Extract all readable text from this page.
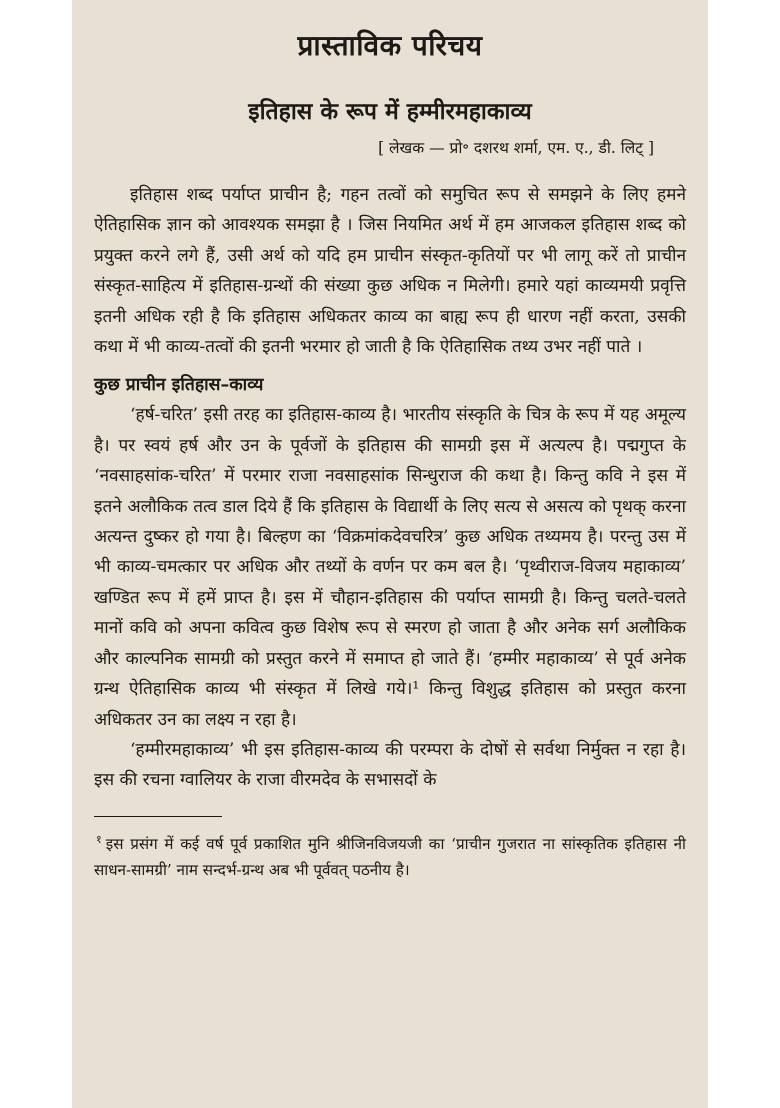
प्रास्ताविक परिचय
इतिहास के रूप में हम्मीरमहाकाव्य
[ लेखक — प्रो॰ दशरथ शर्मा, एम. ए., डी. लिट् ]

इतिहास शब्द पर्याप्त प्राचीन है; गहन तत्वों को समुचित रूप से समझने के लिए हमने ऐतिहासिक ज्ञान को आवश्यक समझा है । जिस नियमित अर्थ में हम आजकल इतिहास शब्द को प्रयुक्त करने लगे हैं, उसी अर्थ को यदि हम प्राचीन संस्कृत-कृतियों पर भी लागू करें तो प्राचीन संस्कृत-साहित्य में इतिहास-ग्रन्थों की संख्या कुछ अधिक न मिलेगी। हमारे यहां काव्यमयी प्रवृत्ति इतनी अधिक रही है कि इतिहास अधिकतर काव्य का बाह्य रूप ही धारण नहीं करता, उसकी कथा में भी काव्य-तत्वों की इतनी भरमार हो जाती है कि ऐतिहासिक तथ्य उभर नहीं पाते ।

कुछ प्राचीन इतिहास–काव्य

‘हर्ष-चरित’ इसी तरह का इतिहास-काव्य है। भारतीय संस्कृति के चित्र के रूप में यह अमूल्य है। पर स्वयं हर्ष और उन के पूर्वजों के इतिहास की सामग्री इस में अत्यल्प है। पद्मगुप्त के ‘नवसाहसांक-चरित’ में परमार राजा नवसाहसांक सिन्धुराज की कथा है। किन्तु कवि ने इस में इतने अलौकिक तत्व डाल दिये हैं कि इतिहास के विद्यार्थी के लिए सत्य से असत्य को पृथक् करना अत्यन्त दुष्कर हो गया है। बिल्हण का ‘विक्रमांकदेवचरित्र’ कुछ अधिक तथ्यमय है। परन्तु उस में भी काव्य-चमत्कार पर अधिक और तथ्यों के वर्णन पर कम बल है। ‘पृथ्वीराज-विजय महाकाव्य’ खण्डित रूप में हमें प्राप्त है। इस में चौहान-इतिहास की पर्याप्त सामग्री है। किन्तु चलते-चलते मानों कवि को अपना कवित्व कुछ विशेष रूप से स्मरण हो जाता है और अनेक सर्ग अलौकिक और काल्पनिक सामग्री को प्रस्तुत करने में समाप्त हो जाते हैं। ‘हम्मीर महाकाव्य’ से पूर्व अनेक ग्रन्थ ऐतिहासिक काव्य भी संस्कृत में लिखे गये।¹ किन्तु विशुद्ध इतिहास को प्रस्तुत करना अधिकतर उन का लक्ष्य न रहा है।

‘हम्मीरमहाकाव्य’ भी इस इतिहास-काव्य की परम्परा के दोषों से सर्वथा निर्मुक्त न रहा है। इस की रचना ग्वालियर के राजा वीरमदेव के सभासदों के

$^१$ इस प्रसंग में कई वर्ष पूर्व प्रकाशित मुनि श्रीजिनविजयजी का ‘प्राचीन गुजरात ना सांस्कृतिक इतिहास नी साधन-सामग्री’ नाम सन्दर्भ-ग्रन्थ अब भी पूर्ववत् पठनीय है।
